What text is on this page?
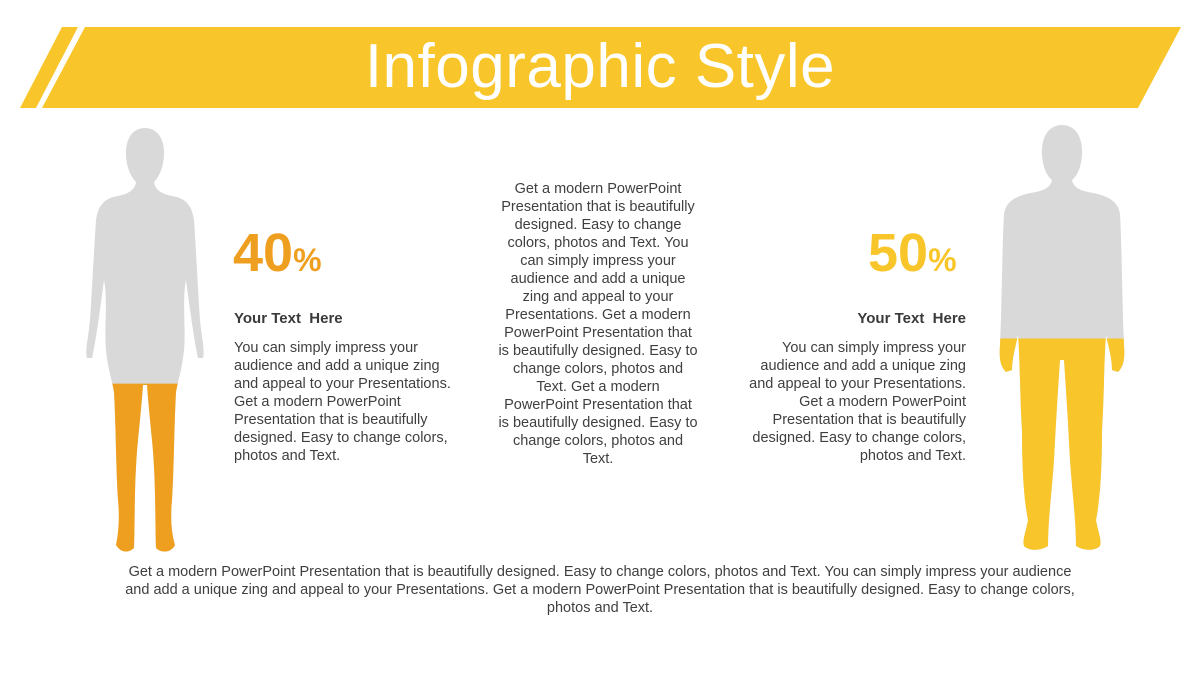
Infographic Style
40%
Your Text  Here
You can simply impress your audience and add a unique zing and appeal to your Presentations. Get a modern PowerPoint Presentation that is beautifully designed. Easy to change colors, photos and Text.
Get a modern PowerPoint Presentation that is beautifully designed. Easy to change colors, photos and Text. You can simply impress your audience and add a unique zing and appeal to your Presentations. Get a modern PowerPoint Presentation that is beautifully designed. Easy to change colors, photos and Text. Get a modern PowerPoint Presentation that is beautifully designed. Easy to change colors, photos and Text.
50%
Your Text  Here
You can simply impress your audience and add a unique zing and appeal to your Presentations. Get a modern PowerPoint Presentation that is beautifully designed. Easy to change colors, photos and Text.
Get a modern PowerPoint Presentation that is beautifully designed. Easy to change colors, photos and Text. You can simply impress your audience and add a unique zing and appeal to your Presentations. Get a modern PowerPoint Presentation that is beautifully designed. Easy to change colors, photos and Text.
